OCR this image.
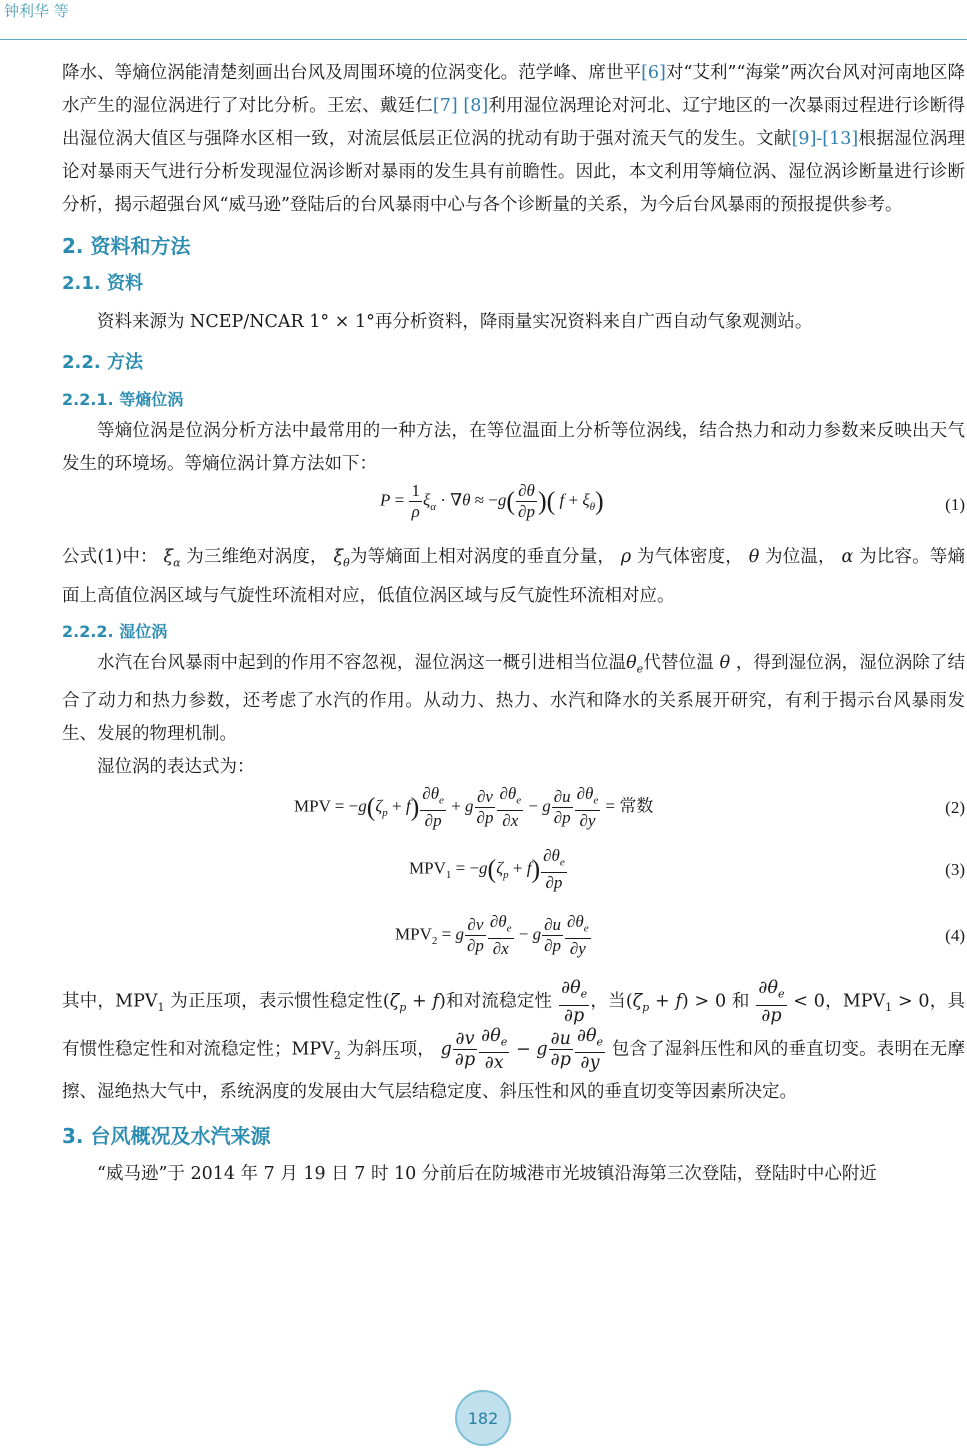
钟利华 等

降水、等熵位涡能清楚刻画出台风及周围环境的位涡变化。范学峰、席世平[6]对“艾利”“海棠”两次台风对河南地区降水产生的湿位涡进行了对比分析。王宏、戴廷仁[7] [8]利用湿位涡理论对河北、辽宁地区的一次暴雨过程进行诊断得出湿位涡大值区与强降水区相一致，对流层低层正位涡的扰动有助于强对流天气的发生。文献[9]-[13]根据湿位涡理论对暴雨天气进行分析发现湿位涡诊断对暴雨的发生具有前瞻性。因此，本文利用等熵位涡、湿位涡诊断量进行诊断分析，揭示超强台风“威马逊”登陆后的台风暴雨中心与各个诊断量的关系，为今后台风暴雨的预报提供参考。

2. 资料和方法
2.1. 资料

资料来源为 NCEP/NCAR 1° × 1°再分析资料，降雨量实况资料来自广西自动气象观测站。

2.2. 方法
2.2.1. 等熵位涡

等熵位涡是位涡分析方法中最常用的一种方法，在等位温面上分析等位涡线，结合热力和动力参数来反映出天气发生的环境场。等熵位涡计算方法如下：

$P = \frac{1}{\rho} \xi_\alpha \cdot \nabla\theta \approx -g( \frac{\partial\theta}{\partial p}$ )( $f + \xi_\theta$)	(1)

公式(1)中： $\xi_\alpha$ 为三维绝对涡度， $\xi_\theta$为等熵面上相对涡度的垂直分量， ρ 为气体密度， θ 为位温， α 为比容。等熵面上高值位涡区域与气旋性环流相对应，低值位涡区域与反气旋性环流相对应。

2.2.2. 湿位涡

水汽在台风暴雨中起到的作用不容忽视，湿位涡这一概引进相当位温$\theta_e$代替位温 θ ，得到湿位涡，湿位涡除了结合了动力和热力参数，还考虑了水汽的作用。从动力、热力、水汽和降水的关系展开研究，有利于揭示台风暴雨发生、发展的物理机制。

湿位涡的表达式为：

MPV = $-g(\zeta_p + f) \frac{\partial\theta_e}{\partial p} + g \frac{\partial v}{\partial p} \frac{\partial\theta_e}{\partial x} - g \frac{\partial u}{\partial p} \frac{\partial\theta_e}{\partial y}$ = 常数	(2)
$MPV_1 = -g(\zeta_p + f) \frac{\partial\theta_e}{\partial p}$	(3)
$MPV_2 = g \frac{\partial v}{\partial p} \frac{\partial\theta_e}{\partial x} - g \frac{\partial u}{\partial p} \frac{\partial\theta_e}{\partial y}$	(4)

其中，$MPV_1$ 为正压项，表示惯性稳定性$(\zeta_p + f)$和对流稳定性 $\frac{\partial\theta_e}{\partial p}$ ，当$(\zeta_p + f) > 0$ 和 $\frac{\partial\theta_e}{\partial p} < 0$，$MPV_1 > 0$，具有惯性稳定性和对流稳定性；$MPV_2$ 为斜压项， g $\frac{\partial v}{\partial p} \frac{\partial\theta_e}{\partial x} - g \frac{\partial u}{\partial p} \frac{\partial\theta_e}{\partial y}$ 包含了湿斜压性和风的垂直切变。表明在无摩擦、湿绝热大气中，系统涡度的发展由大气层结稳定度、斜压性和风的垂直切变等因素所决定。

3. 台风概况及水汽来源

“威马逊”于 2014 年 7 月 19 日 7 时 10 分前后在防城港市光坡镇沿海第三次登陆，登陆时中心附近

182
